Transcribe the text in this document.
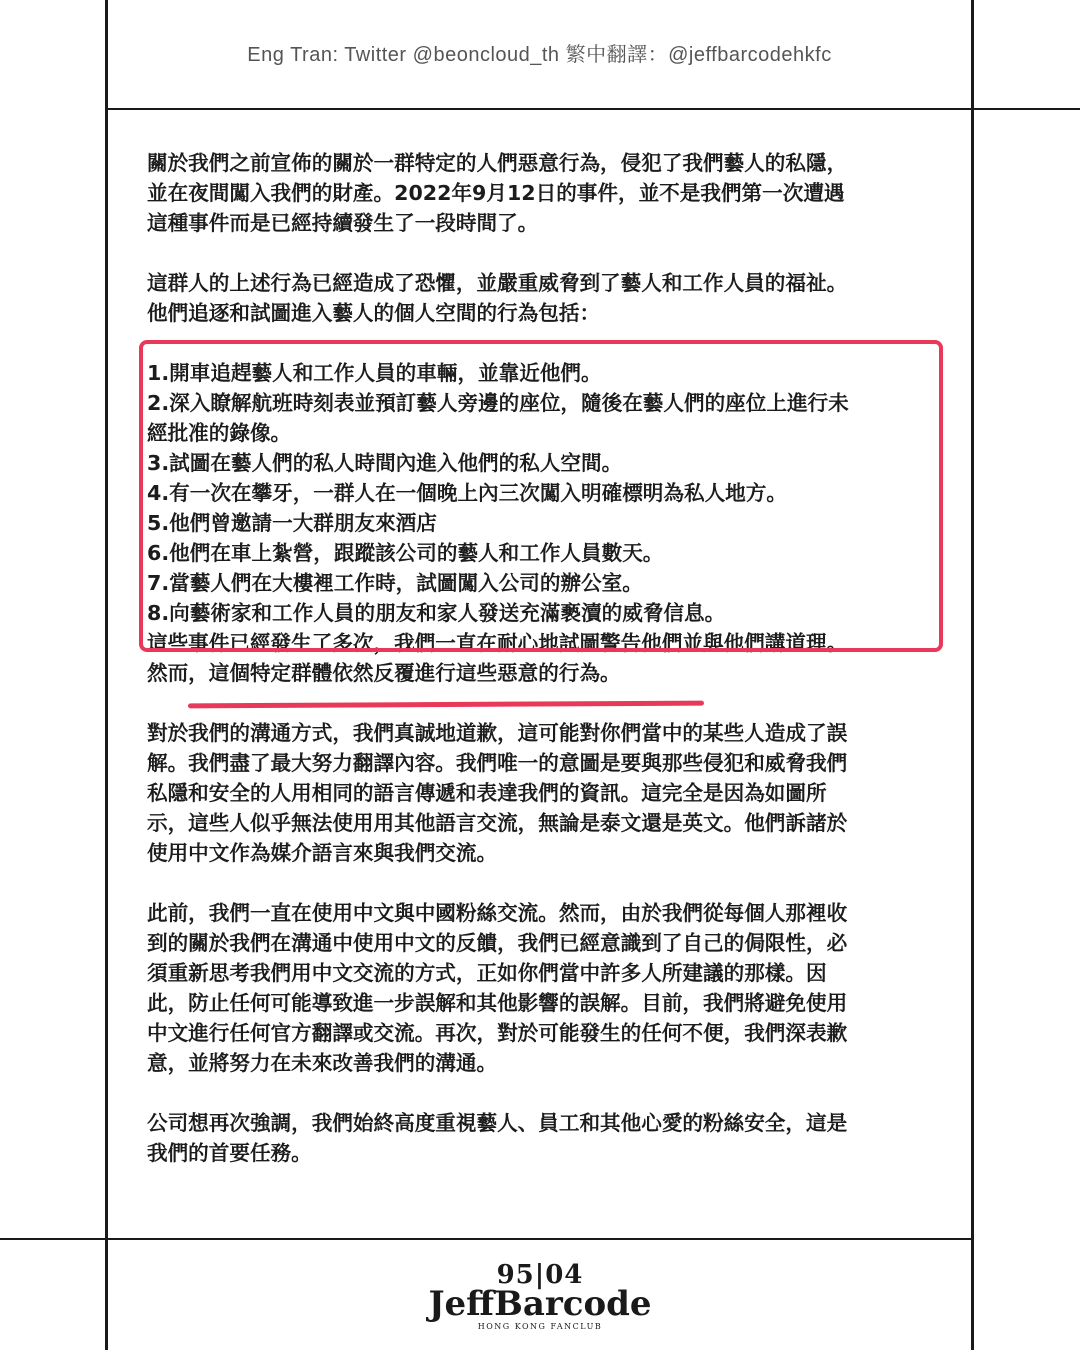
Eng Tran: Twitter @beoncloud_th 繁中翻譯：@jeffbarcodehkfc

關於我們之前宣佈的關於一群特定的人們惡意行為，侵犯了我們藝人的私隱，

並在夜間闖入我們的財產。2022年9月12日的事件，並不是我們第一次遭遇

這種事件而是已經持續發生了一段時間了。

這群人的上述行為已經造成了恐懼，並嚴重威脅到了藝人和工作人員的福祉。

他們追逐和試圖進入藝人的個人空間的行為包括：

1.開車追趕藝人和工作人員的車輛，並靠近他們。

2.深入瞭解航班時刻表並預訂藝人旁邊的座位，隨後在藝人們的座位上進行未

經批准的錄像。

3.試圖在藝人們的私人時間內進入他們的私人空間。

4.有一次在攀牙，一群人在一個晚上內三次闖入明確標明為私人地方。

5.他們曾邀請一大群朋友來酒店

6.他們在車上紮營，跟蹤該公司的藝人和工作人員數天。

7.當藝人們在大樓裡工作時，試圖闖入公司的辦公室。

8.向藝術家和工作人員的朋友和家人發送充滿褻瀆的威脅信息。

這些事件已經發生了多次，我們一直在耐心地試圖警告他們並與他們講道理。

然而，這個特定群體依然反覆進行這些惡意的行為。

對於我們的溝通方式，我們真誠地道歉，這可能對你們當中的某些人造成了誤

解。我們盡了最大努力翻譯內容。我們唯一的意圖是要與那些侵犯和威脅我們

私隱和安全的人用相同的語言傳遞和表達我們的資訊。這完全是因為如圖所

示，這些人似乎無法使用用其他語言交流，無論是泰文還是英文。他們訴諸於

使用中文作為媒介語言來與我們交流。

此前，我們一直在使用中文與中國粉絲交流。然而，由於我們從每個人那裡收

到的關於我們在溝通中使用中文的反饋，我們已經意識到了自己的侷限性，必

須重新思考我們用中文交流的方式，正如你們當中許多人所建議的那樣。因

此，防止任何可能導致進一步誤解和其他影響的誤解。目前，我們將避免使用

中文進行任何官方翻譯或交流。再次，對於可能發生的任何不便，我們深表歉

意，並將努力在未來改善我們的溝通。

公司想再次強調，我們始終高度重視藝人、員工和其他心愛的粉絲安全，這是

我們的首要任務。

95|04
JeffBarcode
HONG KONG FANCLUB
